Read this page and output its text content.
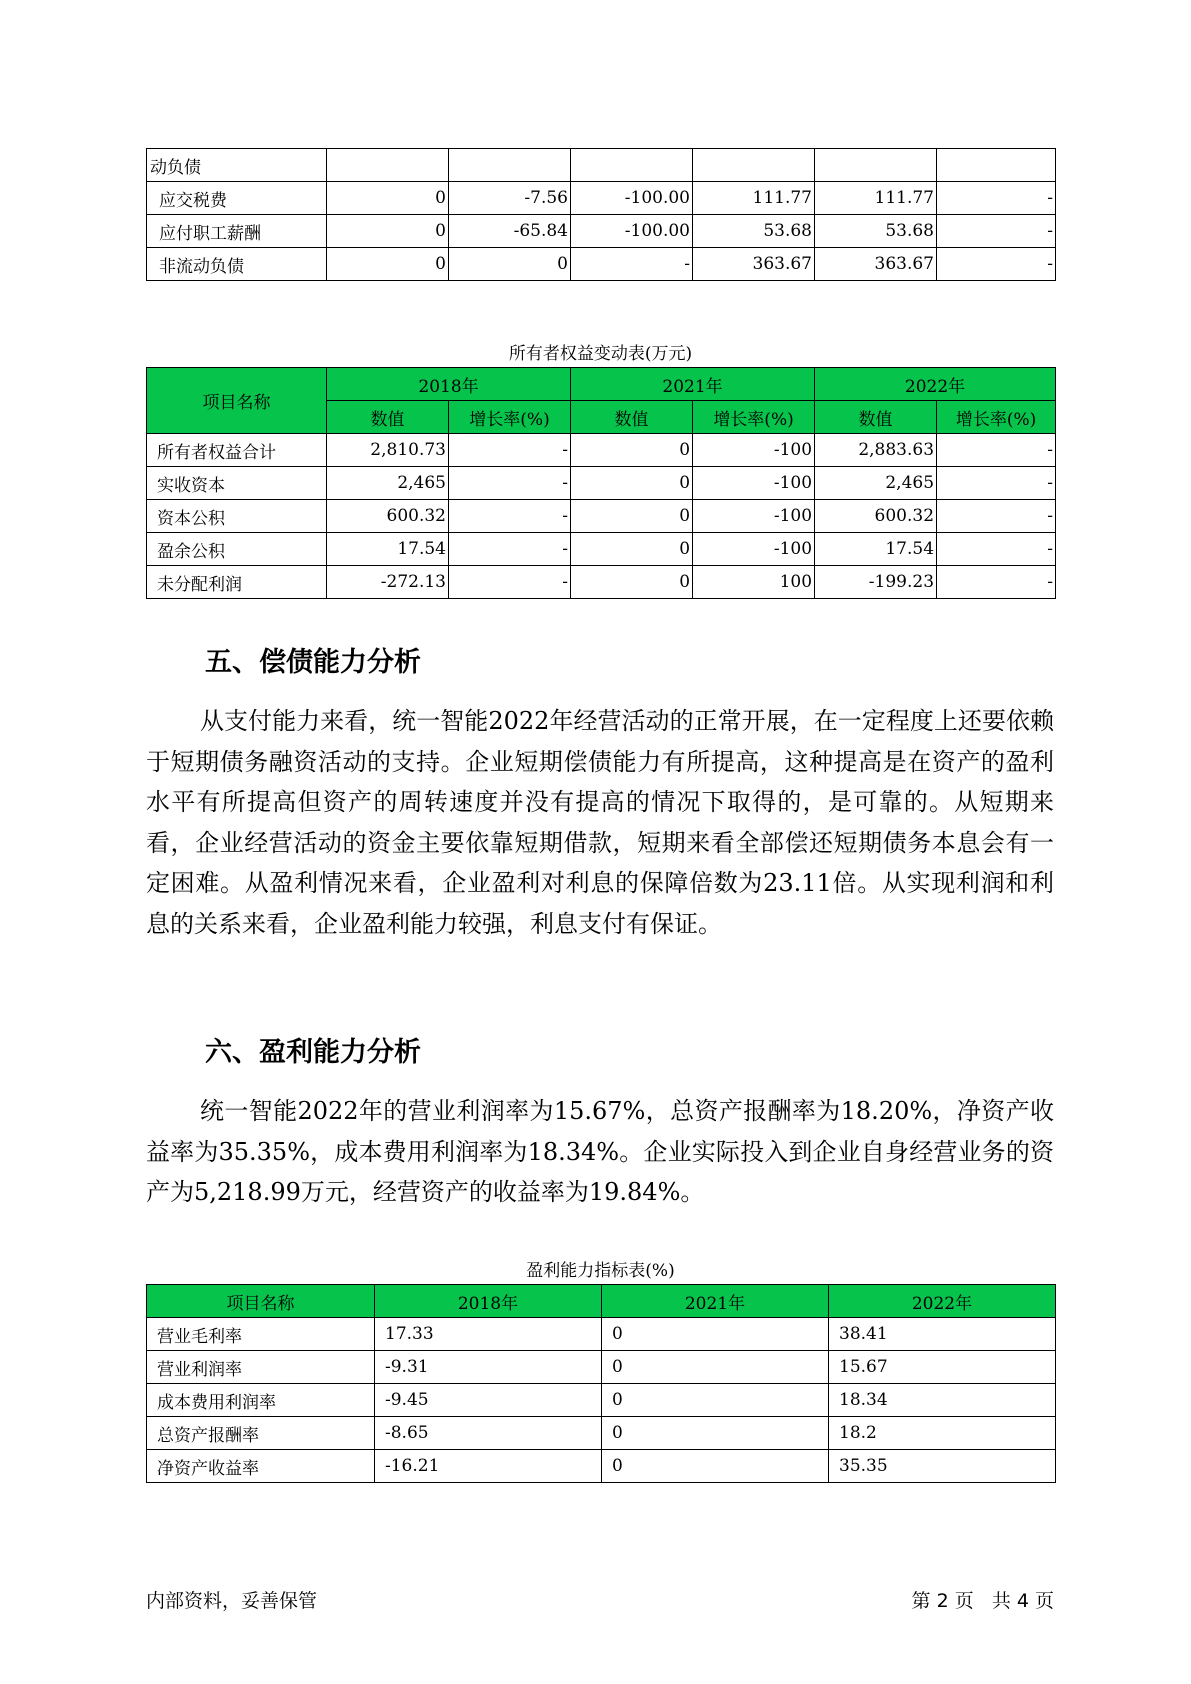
动负债						
应交税费	0	-7.56	-100.00	111.77	111.77	-
应付职工薪酬	0	-65.84	-100.00	53.68	53.68	-
非流动负债	0	0	-	363.67	363.67	-
所有者权益变动表(万元)
项目名称	2018年		2021年		2022年	
	数值	增长率(%)	数值	增长率(%)	数值	增长率(%)
所有者权益合计	2,810.73	-	0	-100	2,883.63	-
实收资本	2,465	-	0	-100	2,465	-
资本公积	600.32	-	0	-100	600.32	-
盈余公积	17.54	-	0	-100	17.54	-
未分配利润	-272.13	-	0	100	-199.23	-
五、偿债能力分析
从支付能力来看，统一智能2022年经营活动的正常开展，在一定程度上还要依赖于短期债务融资活动的支持。企业短期偿债能力有所提高，这种提高是在资产的盈利水平有所提高但资产的周转速度并没有提高的情况下取得的，是可靠的。从短期来看，企业经营活动的资金主要依靠短期借款，短期来看全部偿还短期债务本息会有一定困难。从盈利情况来看，企业盈利对利息的保障倍数为23.11倍。从实现利润和利息的关系来看，企业盈利能力较强，利息支付有保证。
六、盈利能力分析
统一智能2022年的营业利润率为15.67%，总资产报酬率为18.20%，净资产收益率为35.35%，成本费用利润率为18.34%。企业实际投入到企业自身经营业务的资产为5,218.99万元，经营资产的收益率为19.84%。
盈利能力指标表(%)
项目名称	2018年	2021年	2022年
营业毛利率	17.33	0	38.41
营业利润率	-9.31	0	15.67
成本费用利润率	-9.45	0	18.34
总资产报酬率	-8.65	0	18.2
净资产收益率	-16.21	0	35.35
内部资料，妥善保管	第 2 页   共 4 页
